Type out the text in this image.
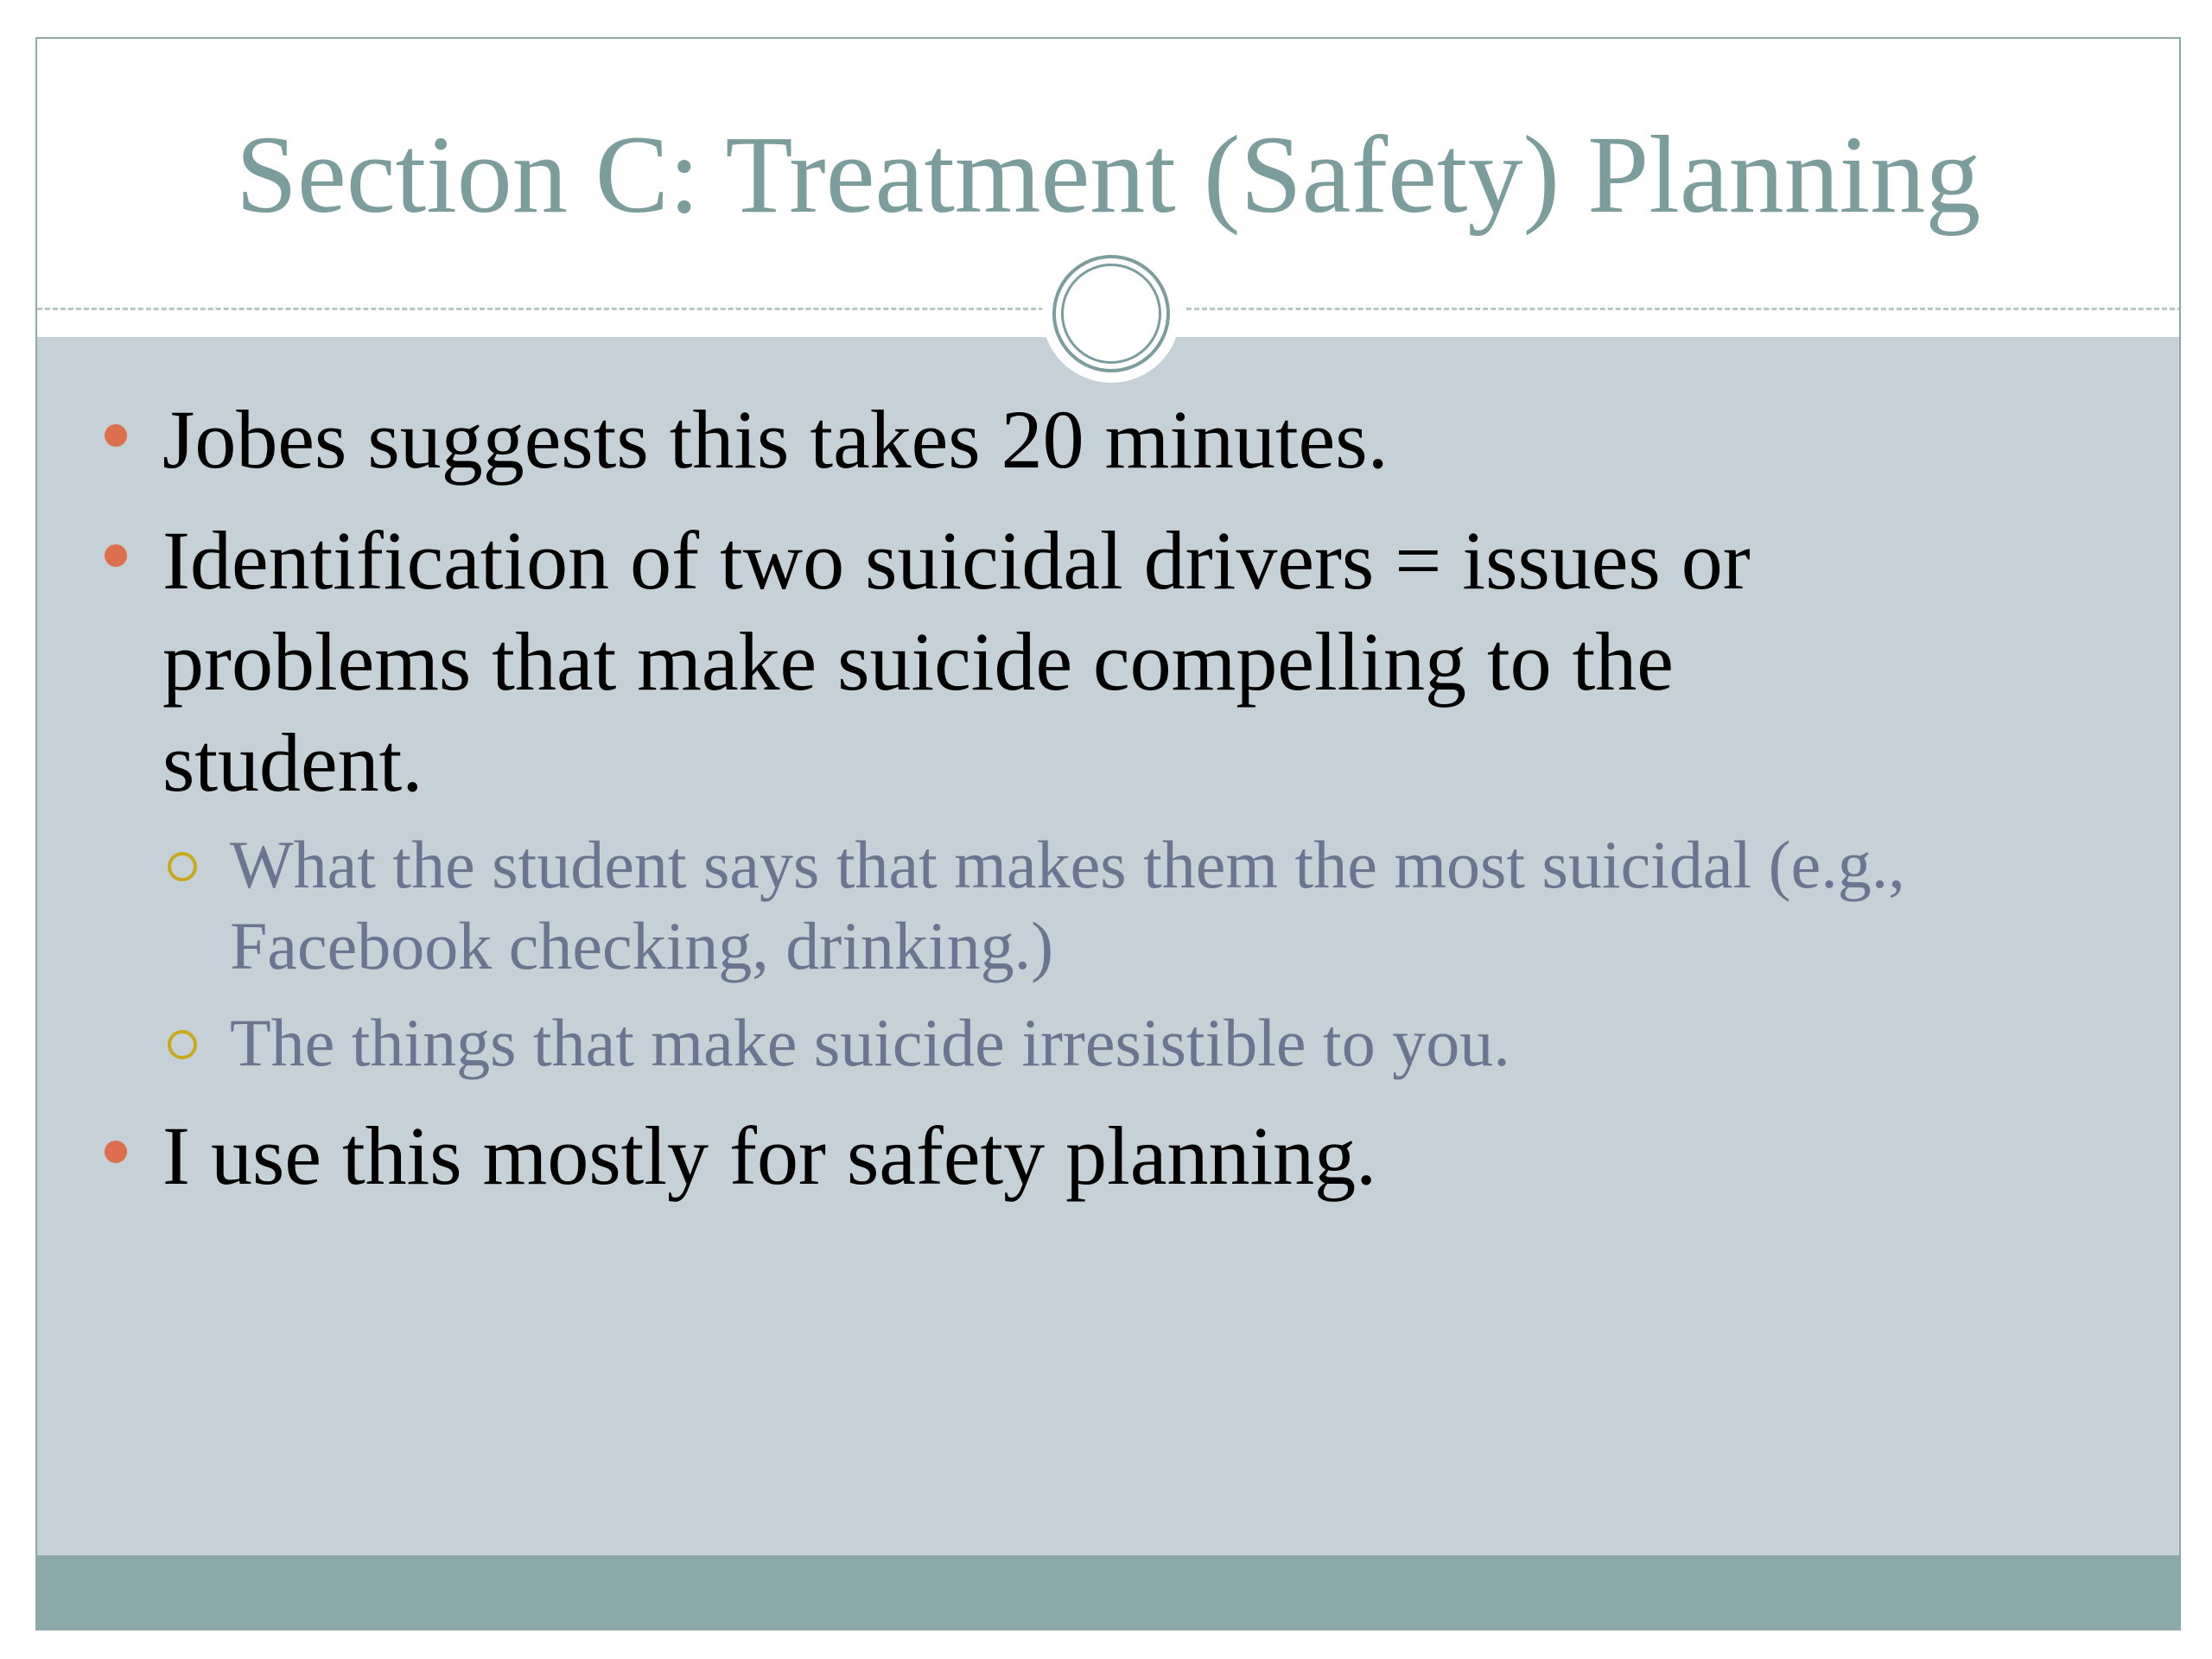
Section C: Treatment (Safety) Planning
Jobes suggests this takes 20 minutes.
Identification of two suicidal drivers = issues or
problems that make suicide compelling to the
student.
What the student says that makes them the most suicidal (e.g.,
Facebook checking, drinking.)
The things that make suicide irresistible to you.
I use this mostly for safety planning.
